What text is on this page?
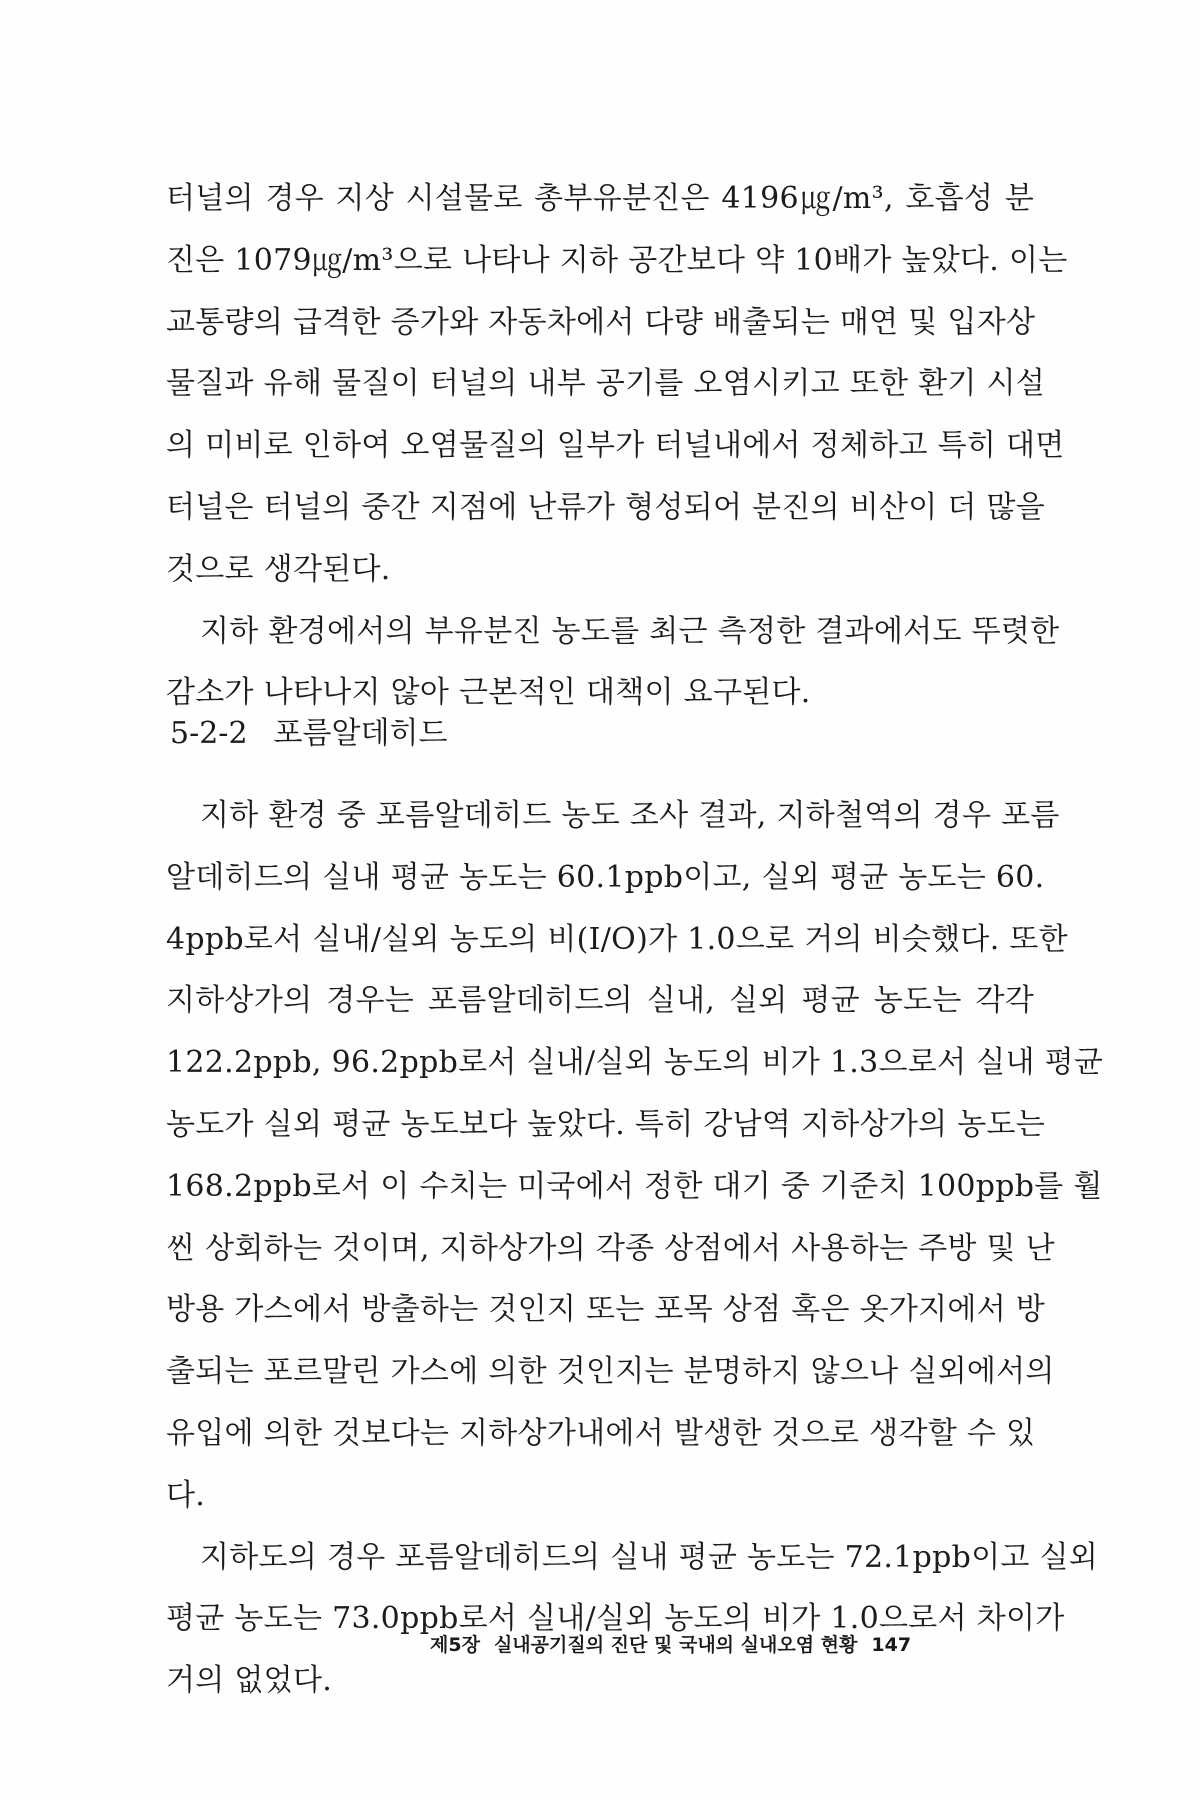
터널의 경우 지상 시설물로 총부유분진은 4196㎍/m³, 호흡성 분
진은 1079㎍/m³으로 나타나 지하 공간보다 약 10배가 높았다. 이는
교통량의 급격한 증가와 자동차에서 다량 배출되는 매연 및 입자상
물질과 유해 물질이 터널의 내부 공기를 오염시키고 또한 환기 시설
의 미비로 인하여 오염물질의 일부가 터널내에서 정체하고 특히 대면
터널은 터널의 중간 지점에 난류가 형성되어 분진의 비산이 더 많을
것으로 생각된다.
지하 환경에서의 부유분진 농도를 최근 측정한 결과에서도 뚜렷한
감소가 나타나지 않아 근본적인 대책이 요구된다.
5-2-2 포름알데히드
지하 환경 중 포름알데히드 농도 조사 결과, 지하철역의 경우 포름
알데히드의 실내 평균 농도는 60.1ppb이고, 실외 평균 농도는 60.
4ppb로서 실내/실외 농도의 비(I/O)가 1.0으로 거의 비슷했다. 또한
지하상가의 경우는 포름알데히드의 실내, 실외 평균 농도는 각각
122.2ppb, 96.2ppb로서 실내/실외 농도의 비가 1.3으로서 실내 평균
농도가 실외 평균 농도보다 높았다. 특히 강남역 지하상가의 농도는
168.2ppb로서 이 수치는 미국에서 정한 대기 중 기준치 100ppb를 훨
씬 상회하는 것이며, 지하상가의 각종 상점에서 사용하는 주방 및 난
방용 가스에서 방출하는 것인지 또는 포목 상점 혹은 옷가지에서 방
출되는 포르말린 가스에 의한 것인지는 분명하지 않으나 실외에서의
유입에 의한 것보다는 지하상가내에서 발생한 것으로 생각할 수 있
다.
지하도의 경우 포름알데히드의 실내 평균 농도는 72.1ppb이고 실외
평균 농도는 73.0ppb로서 실내/실외 농도의 비가 1.0으로서 차이가
거의 없었다.
제5장 실내공기질의 진단 및 국내의 실내오염 현황 147
